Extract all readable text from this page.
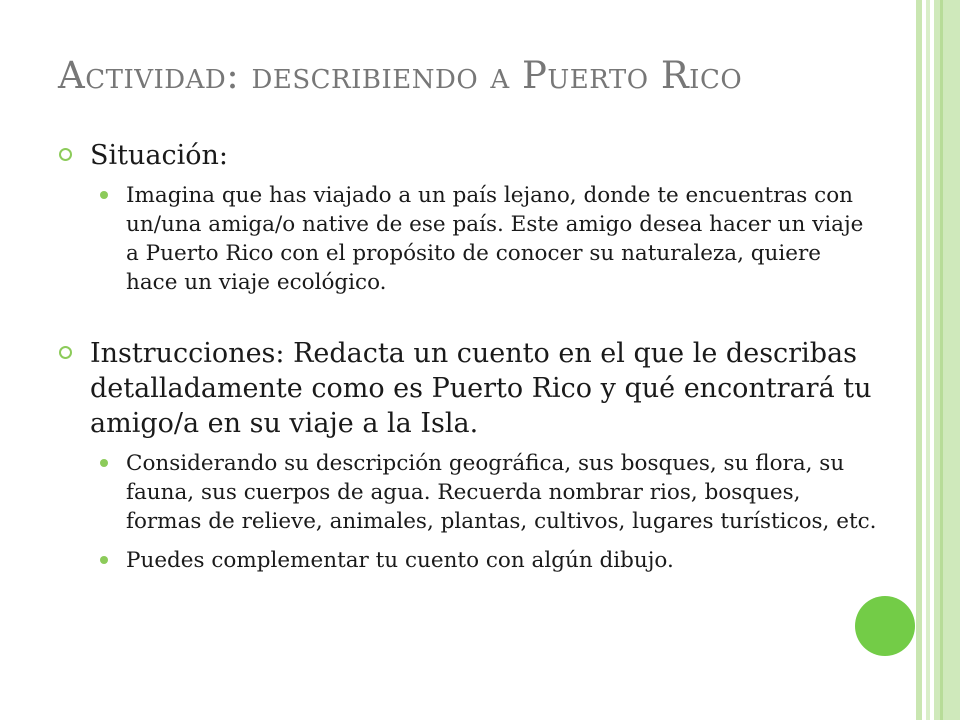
Actividad: describiendo a Puerto Rico
Situación:
Imagina que has viajado a un país lejano, donde te encuentras con un/una amiga/o native de ese país. Este amigo desea hacer un viaje a Puerto Rico con el propósito de conocer su naturaleza, quiere hace un viaje ecológico.
Instrucciones: Redacta un cuento en el que le describas detalladamente como es Puerto Rico y qué encontrará tu amigo/a en su viaje a la Isla.
Considerando su descripción geográfica, sus bosques, su flora, su fauna, sus cuerpos de agua. Recuerda nombrar rios, bosques, formas de relieve, animales, plantas, cultivos, lugares turísticos, etc.
Puedes complementar tu cuento con algún dibujo.
